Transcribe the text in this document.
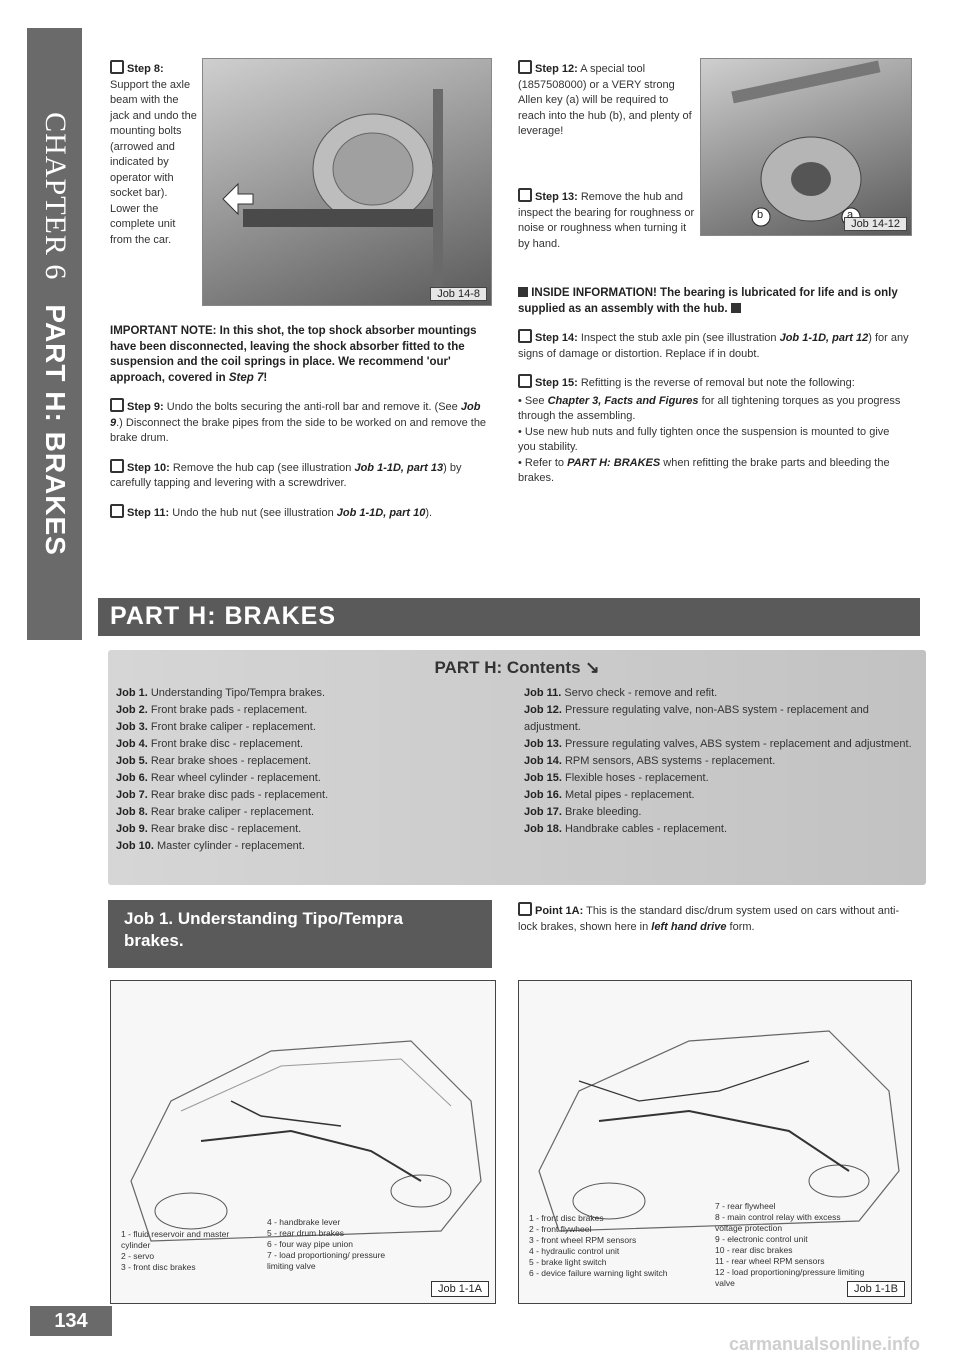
CHAPTER 6PART H: BRAKES
Step 8: Support the axle beam with the jack and undo the mounting bolts (arrowed and indicated by operator with socket bar). Lower the complete unit from the car.
Job 14-8

IMPORTANT NOTE: In this shot, the top shock absorber mountings have been disconnected, leaving the shock absorber fitted to the suspension and the coil springs in place. We recommend 'our' approach, covered in Step 7!

Step 9: Undo the bolts securing the anti-roll bar and remove it. (See Job 9.) Disconnect the brake pipes from the side to be worked on and remove the brake drum.

Step 10: Remove the hub cap (see illustration Job 1-1D, part 13) by carefully tapping and levering with a screwdriver.

Step 11: Undo the hub nut (see illustration Job 1-1D, part 10).

Step 12: A special tool (1857508000) or a VERY strong Allen key (a) will be required to reach into the hub (b), and plenty of leverage!

Job 14-12
b	a
Step 13: Remove the hub and inspect the bearing for roughness or noise or roughness when turning it by hand.

INSIDE INFORMATION! The bearing is lubricated for life and is only supplied as an assembly with the hub.

Step 14: Inspect the stub axle pin (see illustration Job 1-1D, part 12) for any signs of damage or distortion. Replace if in doubt.

Step 15: Refitting is the reverse of removal but note the following:

• See Chapter 3, Facts and Figures for all tightening torques as you progress through the assembling.
• Use new hub nuts and fully tighten once the suspension is mounted to give you stability.
• Refer to PART H: BRAKES when refitting the brake parts and bleeding the brakes.
PART H: BRAKES
PART H: Contents ↘
Job 1. Understanding Tipo/Tempra brakes.
Job 2. Front brake pads - replacement.
Job 3. Front brake caliper - replacement.
Job 4. Front brake disc - replacement.
Job 5. Rear brake shoes - replacement.
Job 6. Rear wheel cylinder - replacement.
Job 7. Rear brake disc pads - replacement.
Job 8. Rear brake caliper - replacement.
Job 9. Rear brake disc - replacement.
Job 10. Master cylinder - replacement.
Job 11. Servo check - remove and refit.
Job 12. Pressure regulating valve, non-ABS system - replacement and adjustment.
Job 13. Pressure regulating valves, ABS system - replacement and adjustment.
Job 14. RPM sensors, ABS systems - replacement.
Job 15. Flexible hoses - replacement.
Job 16. Metal pipes - replacement.
Job 17. Brake bleeding.
Job 18. Handbrake cables - replacement.
Job 1. Understanding Tipo/Tempra brakes.
Point 1A: This is the standard disc/drum system used on cars without anti-lock brakes, shown here in left hand drive form.
1 - fluid reservoir and master cylinder
2 - servo
3 - front disc brakes
4 - handbrake lever
5 - rear drum brakes
6 - four way pipe union
7 - load proportioning/ pressure limiting valve
Job 1-1A
1 - front disc brakes
2 - front flywheel
3 - front wheel RPM sensors
4 - hydraulic control unit
5 - brake light switch
6 - device failure warning light switch
7 - rear flywheel
8 - main control relay with excess voltage protection
9 - electronic control unit
10 - rear disc brakes
11 - rear wheel RPM sensors
12 - load proportioning/pressure limiting valve	Job 1-1B
134
carmanualsonline.info
